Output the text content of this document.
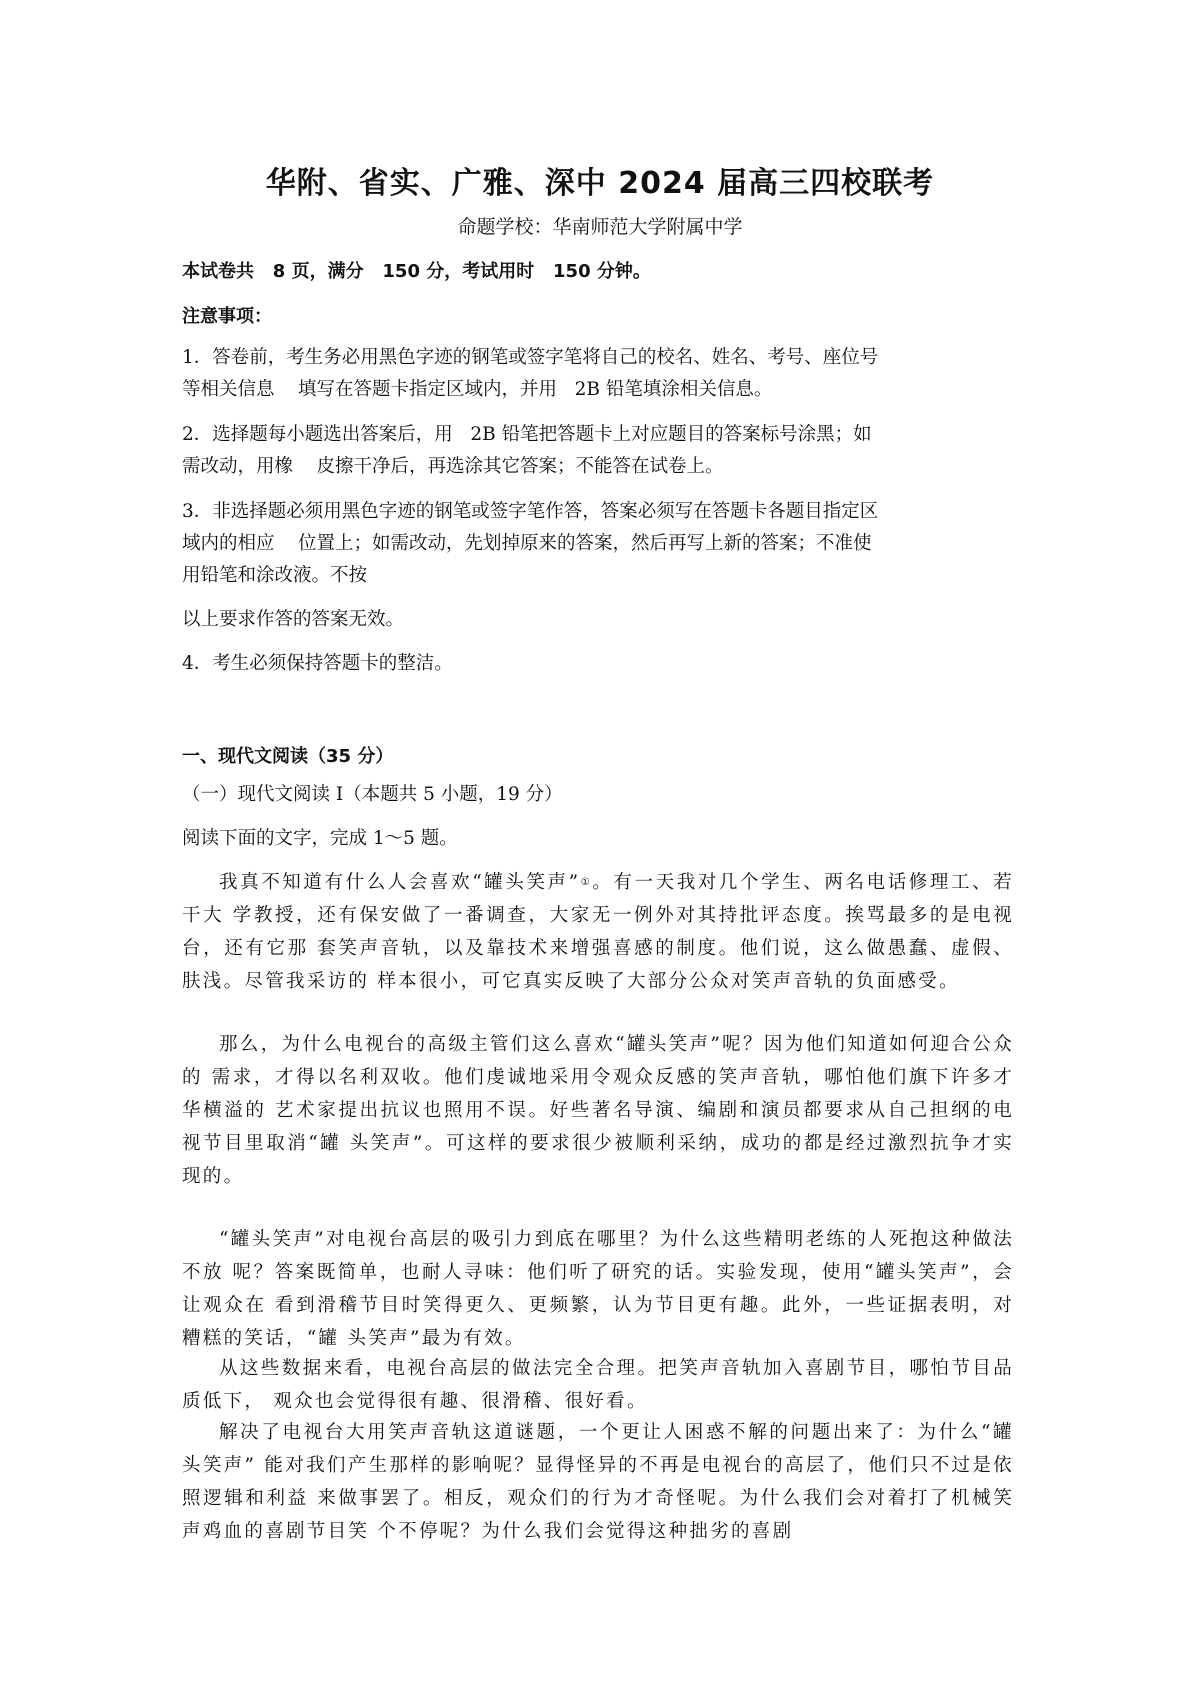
华附、省实、广雅、深中 2024 届高三四校联考
命题学校：华南师范大学附属中学
本试卷共   8 页，满分   150 分，考试用时   150 分钟。
注意事项：
1．答卷前，考生务必用黑色字迹的钢笔或签字笔将自己的校名、姓名、考号、座位号
等相关信息    填写在答题卡指定区域内，并用   2B 铅笔填涂相关信息。
2．选择题每小题选出答案后，用   2B 铅笔把答题卡上对应题目的答案标号涂黑；如
需改动，用橡    皮擦干净后，再选涂其它答案；不能答在试卷上。
3．非选择题必须用黑色字迹的钢笔或签字笔作答，答案必须写在答题卡各题目指定区
域内的相应    位置上；如需改动，先划掉原来的答案，然后再写上新的答案；不准使
用铅笔和涂改液。不按
以上要求作答的答案无效。
4．考生必须保持答题卡的整洁。
一、现代文阅读（35 分）
（一）现代文阅读 I（本题共 5 小题，19 分）
阅读下面的文字，完成 1～5 题。

我真不知道有什么人会喜欢“罐头笑声”①。有一天我对几个学生、两名电话修理工、若干大 学教授，还有保安做了一番调查，大家无一例外对其持批评态度。挨骂最多的是电视台，还有它那 套笑声音轨，以及靠技术来增强喜感的制度。他们说，这么做愚蠢、虚假、肤浅。尽管我采访的 样本很小，可它真实反映了大部分公众对笑声音轨的负面感受。

那么，为什么电视台的高级主管们这么喜欢“罐头笑声”呢？因为他们知道如何迎合公众的 需求，才得以名利双收。他们虔诚地采用令观众反感的笑声音轨，哪怕他们旗下许多才华横溢的 艺术家提出抗议也照用不误。好些著名导演、编剧和演员都要求从自己担纲的电视节目里取消“罐 头笑声”。可这样的要求很少被顺利采纳，成功的都是经过激烈抗争才实现的。

“罐头笑声”对电视台高层的吸引力到底在哪里？为什么这些精明老练的人死抱这种做法不放 呢？答案既简单，也耐人寻味：他们听了研究的话。实验发现，使用“罐头笑声”，会让观众在 看到滑稽节目时笑得更久、更频繁，认为节目更有趣。此外，一些证据表明，对糟糕的笑话，“罐 头笑声”最为有效。

从这些数据来看，电视台高层的做法完全合理。把笑声音轨加入喜剧节目，哪怕节目品质低下， 观众也会觉得很有趣、很滑稽、很好看。

解决了电视台大用笑声音轨这道谜题，一个更让人困惑不解的问题出来了：为什么“罐头笑声” 能对我们产生那样的影响呢？显得怪异的不再是电视台的高层了，他们只不过是依照逻辑和利益 来做事罢了。相反，观众们的行为才奇怪呢。为什么我们会对着打了机械笑声鸡血的喜剧节目笑 个不停呢？为什么我们会觉得这种拙劣的喜剧
